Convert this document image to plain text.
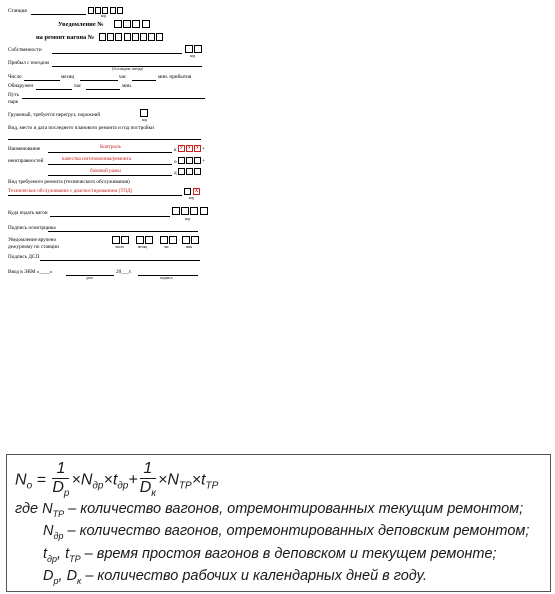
Станция
код
Уведомление №
на ремонт вагона №
Собственности
код
Прибыл с поездом
(№ и индекс поезда)
Число	месяц	час	мин. прибытия
Обнаружен	час	мин.
Путь
парк
Груженый, требуется перегруз, порожний
код
Вид, место и дата последнего планового ремонта и год постройки
Наименование	Контроль	к У У У +
неисправностей	качества изготовления/ремонта	о	+
боковой рамы	д
Вид требуемого ремонта (технического обслуживания)
Техническое обслуживание с диагностированием (ТОД)	Х
код
Куда подать вагон
код
Подпись осмотрщика
Уведомление вручено
дежурному по станции	число	месяц	час	мин
Подпись ДСП
Ввод в ЭВМ «____»	20___г.
дата	подпись
$N_о = \frac{1}{D_р} \times N_{др}\times t_{др}+ \frac{1}{D_к} \times N_{ТР}\times t_{ТР}$
где $N_{ТР}$ – количество вагонов, отремонтированных текущим ремонтом;
$N_{др}$ – количество вагонов, отремонтированных деповским ремонтом;
$t_{др}$, $t_{ТР}$ – время простоя вагонов в деповском и текущем ремонте;
$D_р$, $D_к$ – количество рабочих и календарных дней в году.
